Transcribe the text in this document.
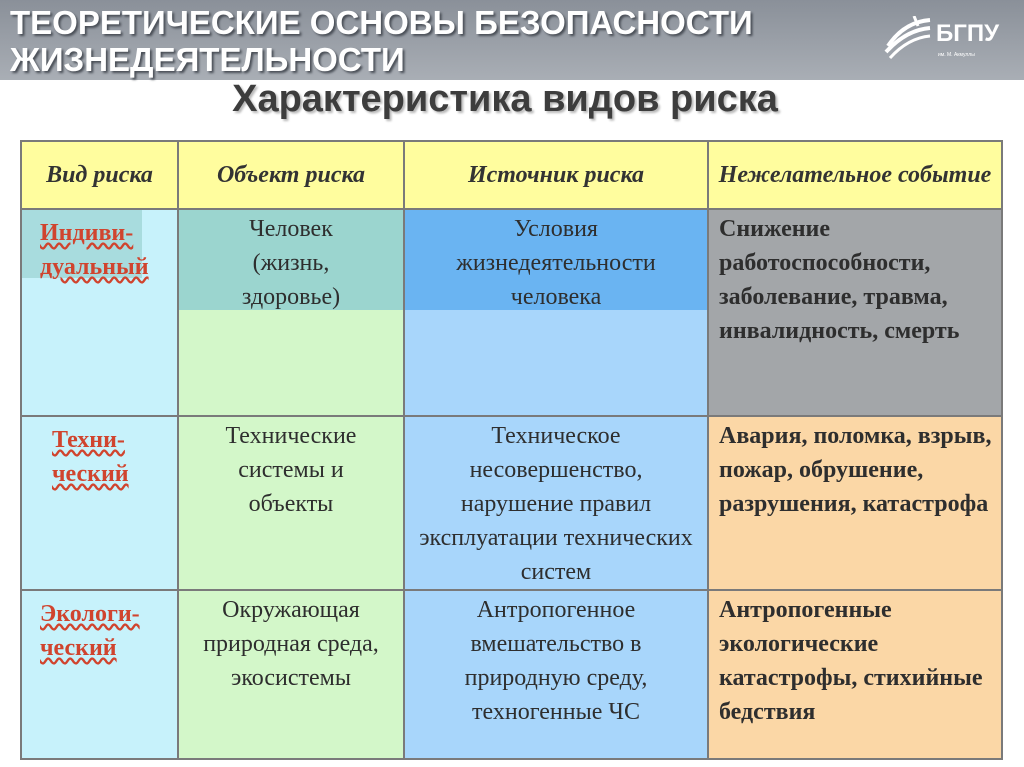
ТЕОРЕТИЧЕСКИЕ ОСНОВЫ БЕЗОПАСНОСТИ
ЖИЗНЕДЕЯТЕЛЬНОСТИ
БГПУ
им. М. Акмуллы
Характеристика видов риска
Вид риска	Объект риска	Источник риска	Нежелательное событие

Индиви-
дуальный	Человек (жизнь, здоровье)	Условия жизнедеятельности человека	Снижение работоспособности, заболевание, травма, инвалидность, смерть

Техни-
ческий	Технические системы и объекты	Техническое несовершенство, нарушение правил эксплуатации технических систем	Авария, поломка, взрыв, пожар, обрушение, разрушения, катастрофа

Экологи-
ческий	Окружающая природная среда, экосистемы	Антропогенное вмешательство в природную среду, техногенные ЧС	Антропогенные экологические катастрофы, стихийные бедствия
